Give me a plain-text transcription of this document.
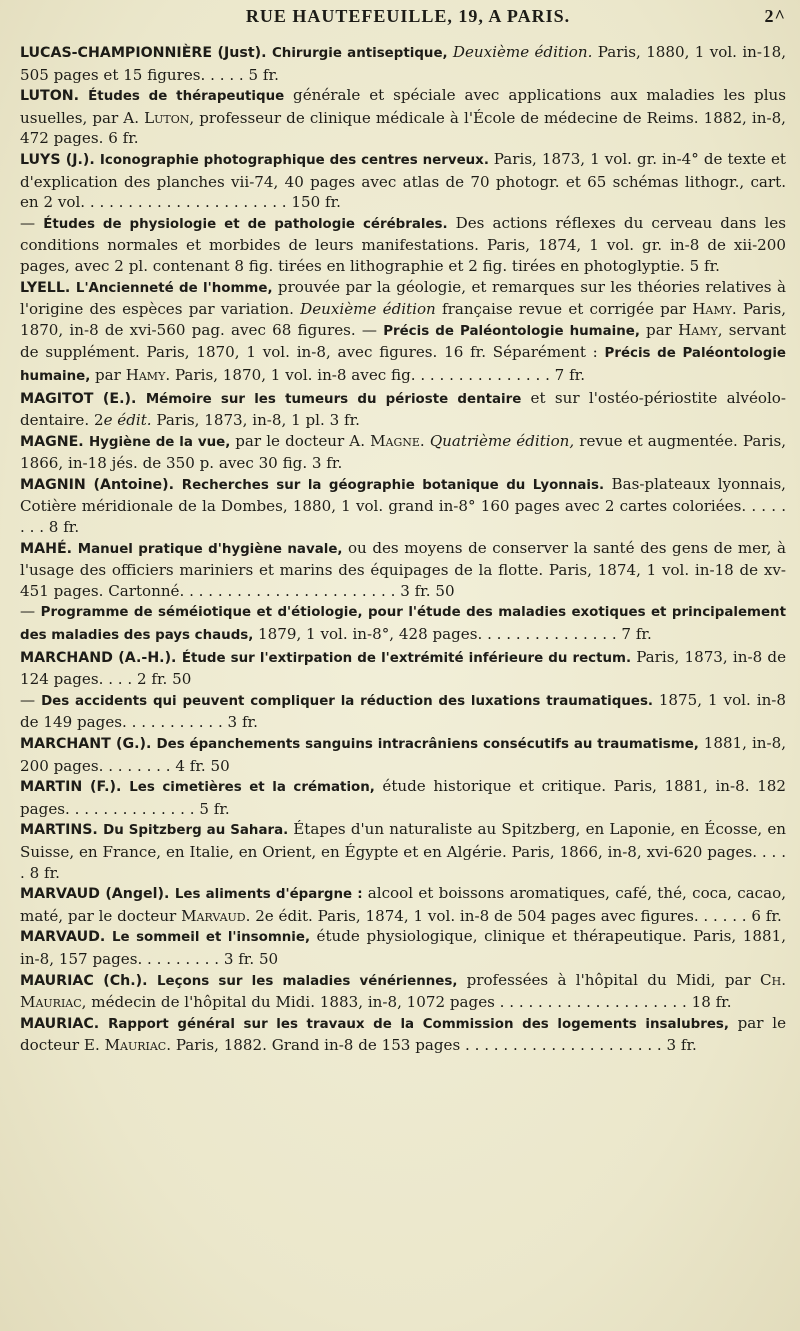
RUE HAUTEFEUILLE, 19, A PARIS.	2^

LUCAS-CHAMPIONNIÈRE (Just). Chirurgie antiseptique, Deuxième édition. Paris, 1880, 1 vol. in-18, 505 pages et 15 figures. . . . . 5 fr.

LUTON. Études de thérapeutique générale et spéciale avec applications aux maladies les plus usuelles, par A. Luton, professeur de clinique médicale à l'École de médecine de Reims. 1882, in-8, 472 pages. 6 fr.

LUYS (J.). Iconographie photographique des centres nerveux. Paris, 1873, 1 vol. gr. in-4° de texte et d'explication des planches vii-74, 40 pages avec atlas de 70 photogr. et 65 schémas lithogr., cart. en 2 vol. . . . . . . . . . . . . . . . . . . . . . 150 fr.

— Études de physiologie et de pathologie cérébrales. Des actions réflexes du cerveau dans les conditions normales et morbides de leurs manifestations. Paris, 1874, 1 vol. gr. in-8 de xii-200 pages, avec 2 pl. contenant 8 fig. tirées en lithographie et 2 fig. tirées en photoglyptie. 5 fr.

LYELL. L'Ancienneté de l'homme, prouvée par la géologie, et remarques sur les théories relatives à l'origine des espèces par variation. Deuxième édition française revue et corrigée par Hamy. Paris, 1870, in-8 de xvi-560 pag. avec 68 figures. — Précis de Paléontologie humaine, par Hamy, servant de supplément. Paris, 1870, 1 vol. in-8, avec figures. 16 fr. Séparément : Précis de Paléontologie humaine, par Hamy. Paris, 1870, 1 vol. in-8 avec fig. . . . . . . . . . . . . . . 7 fr.

MAGITOT (E.). Mémoire sur les tumeurs du périoste dentaire et sur l'ostéo-périostite alvéolo-dentaire. 2e édit. Paris, 1873, in-8, 1 pl. 3 fr.

MAGNE. Hygiène de la vue, par le docteur A. Magne. Quatrième édition, revue et augmentée. Paris, 1866, in-18 jés. de 350 p. avec 30 fig. 3 fr.

MAGNIN (Antoine). Recherches sur la géographie botanique du Lyonnais. Bas-plateaux lyonnais, Cotière méridionale de la Dombes, 1880, 1 vol. grand in-8° 160 pages avec 2 cartes coloriées. . . . . . . . 8 fr.

MAHÉ. Manuel pratique d'hygiène navale, ou des moyens de conserver la santé des gens de mer, à l'usage des officiers mariniers et marins des équipages de la flotte. Paris, 1874, 1 vol. in-18 de xv-451 pages. Cartonné. . . . . . . . . . . . . . . . . . . . . . . 3 fr. 50

— Programme de séméiotique et d'étiologie, pour l'étude des maladies exotiques et principalement des maladies des pays chauds, 1879, 1 vol. in-8°, 428 pages. . . . . . . . . . . . . . . 7 fr.

MARCHAND (A.-H.). Étude sur l'extirpation de l'extrémité inférieure du rectum. Paris, 1873, in-8 de 124 pages. . . . 2 fr. 50

— Des accidents qui peuvent compliquer la réduction des luxations traumatiques. 1875, 1 vol. in-8 de 149 pages. . . . . . . . . . . 3 fr.

MARCHANT (G.). Des épanchements sanguins intracrâniens consécutifs au traumatisme, 1881, in-8, 200 pages. . . . . . . . 4 fr. 50

MARTIN (F.). Les cimetières et la crémation, étude historique et critique. Paris, 1881, in-8. 182 pages. . . . . . . . . . . . . . 5 fr.

MARTINS. Du Spitzberg au Sahara. Étapes d'un naturaliste au Spitzberg, en Laponie, en Écosse, en Suisse, en France, en Italie, en Orient, en Égypte et en Algérie. Paris, 1866, in-8, xvi-620 pages. . . . . 8 fr.

MARVAUD (Angel). Les aliments d'épargne : alcool et boissons aromatiques, café, thé, coca, cacao, maté, par le docteur Marvaud. 2e édit. Paris, 1874, 1 vol. in-8 de 504 pages avec figures. . . . . . 6 fr.

MARVAUD. Le sommeil et l'insomnie, étude physiologique, clinique et thérapeutique. Paris, 1881, in-8, 157 pages. . . . . . . . . 3 fr. 50

MAURIAC (Ch.). Leçons sur les maladies vénériennes, professées à l'hôpital du Midi, par Ch. Mauriac, médecin de l'hôpital du Midi. 1883, in-8, 1072 pages . . . . . . . . . . . . . . . . . . . . 18 fr.

MAURIAC. Rapport général sur les travaux de la Commission des logements insalubres, par le docteur E. Mauriac. Paris, 1882. Grand in-8 de 153 pages . . . . . . . . . . . . . . . . . . . . . 3 fr.
